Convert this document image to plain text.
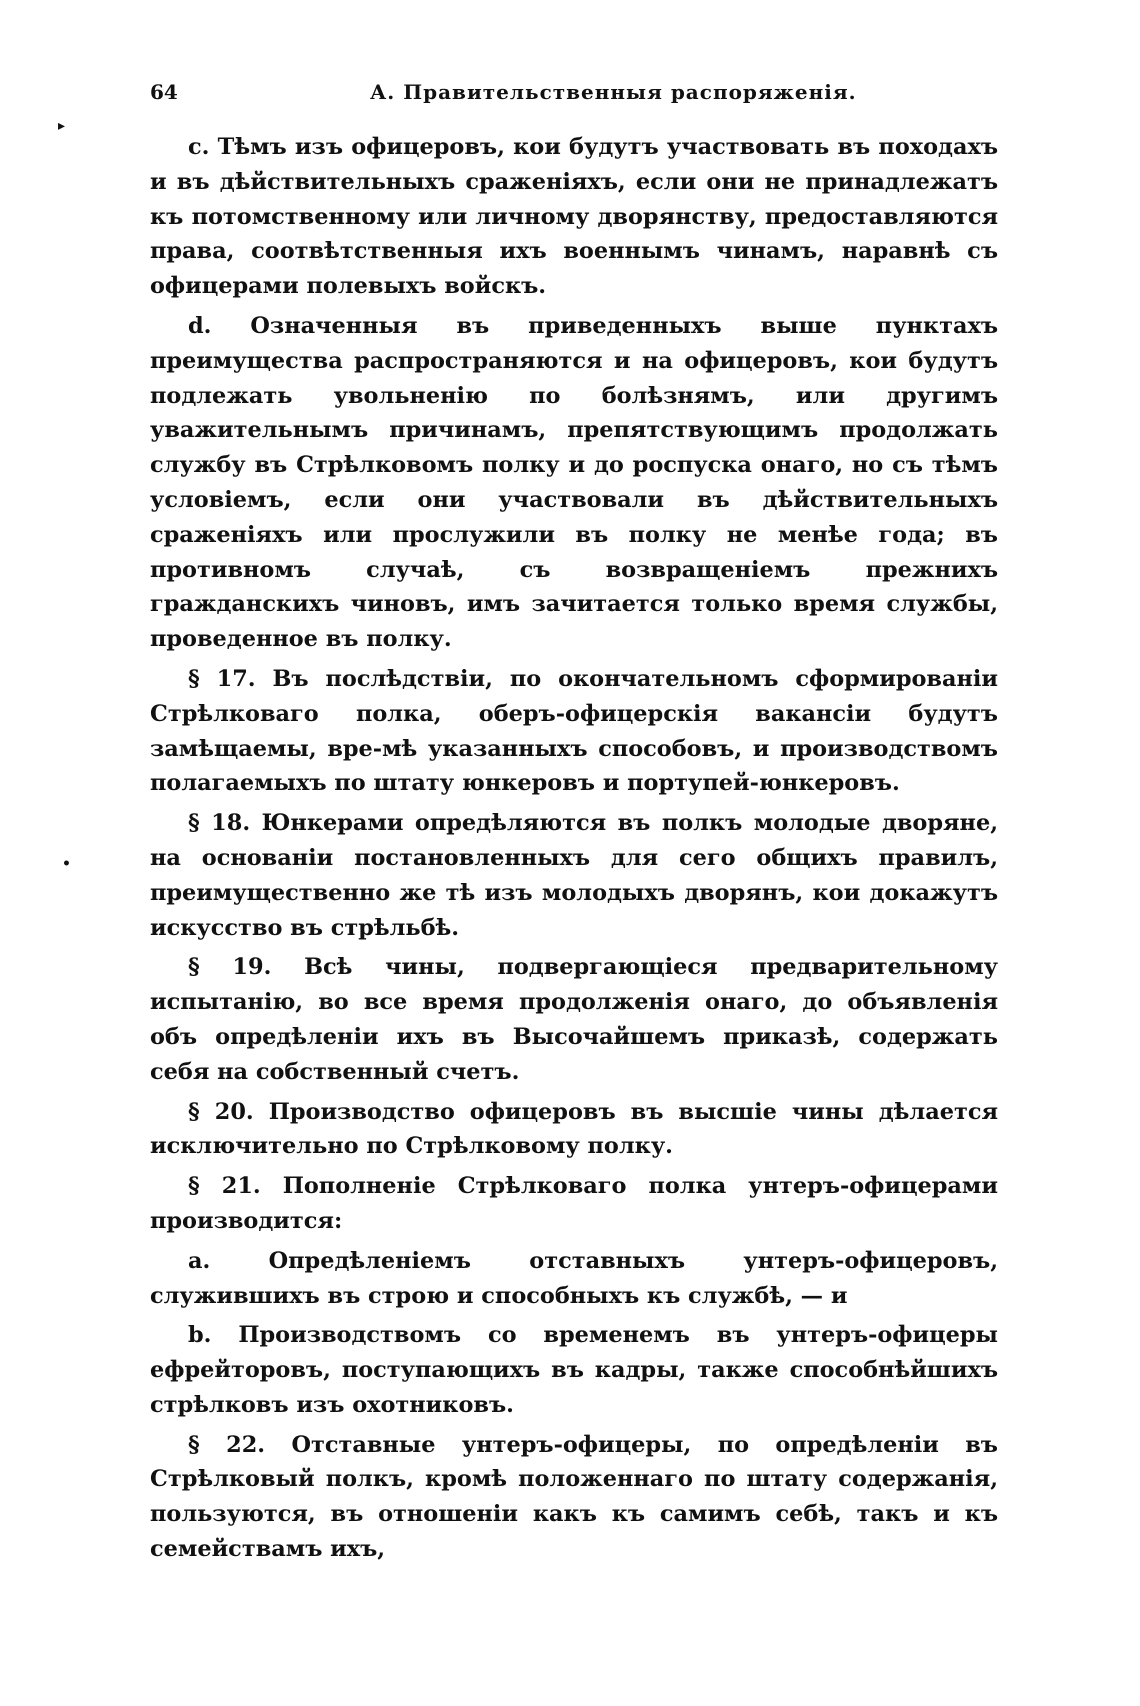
64	А. Правительственныя распоряженія.
▸
•

с. Тѣмъ изъ офицеровъ, кои будутъ участвовать въ походахъ и въ дѣйствительныхъ сраженіяхъ, если они не принадлежатъ къ потомственному или личному дворянству, предоставляются права, соотвѣтственныя ихъ военнымъ чинамъ, наравнѣ съ офицерами полевыхъ войскъ.

d. Означенныя въ приведенныхъ выше пунктахъ преимущества распространяются и на офицеровъ, кои будутъ подлежать увольненію по болѣзнямъ, или другимъ уважительнымъ причинамъ, препятствующимъ продолжать службу въ Стрѣлковомъ полку и до роспуска онаго, но съ тѣмъ условіемъ, если они участвовали въ дѣйствительныхъ сраженіяхъ или прослужили въ полку не менѣе года; въ противномъ случаѣ, съ возвращеніемъ прежнихъ гражданскихъ чиновъ, имъ зачитается только время службы, проведенное въ полку.

§ 17. Въ послѣдствіи, по окончательномъ сформированіи Стрѣлковаго полка, оберъ-офицерскія вакансіи будутъ замѣщаемы, вре-мѣ указанныхъ способовъ, и производствомъ полагаемыхъ по штату юнкеровъ и портупей-юнкеровъ.

§ 18. Юнкерами опредѣляются въ полкъ молодые дворяне, на основаніи постановленныхъ для сего общихъ правилъ, преимущественно же тѣ изъ молодыхъ дворянъ, кои докажутъ искусство въ стрѣльбѣ.

§ 19. Всѣ чины, подвергающіеся предварительному испытанію, во все время продолженія онаго, до объявленія объ опредѣленіи ихъ въ Высочайшемъ приказѣ, содержать себя на собственный счетъ.

§ 20. Производство офицеровъ въ высшіе чины дѣлается исключительно по Стрѣлковому полку.

§ 21. Пополненіе Стрѣлковаго полка унтеръ-офицерами производится:

а. Опредѣленіемъ отставныхъ унтеръ-офицеровъ, служившихъ въ строю и способныхъ къ службѣ, — и

b. Производствомъ со временемъ въ унтеръ-офицеры ефрейторовъ, поступающихъ въ кадры, также способнѣйшихъ стрѣлковъ изъ охотниковъ.

§ 22. Отставные унтеръ-офицеры, по опредѣленіи въ Стрѣлковый полкъ, кромѣ положеннаго по штату содержанія, пользуются, въ отношеніи какъ къ самимъ себѣ, такъ и къ семействамъ ихъ,
